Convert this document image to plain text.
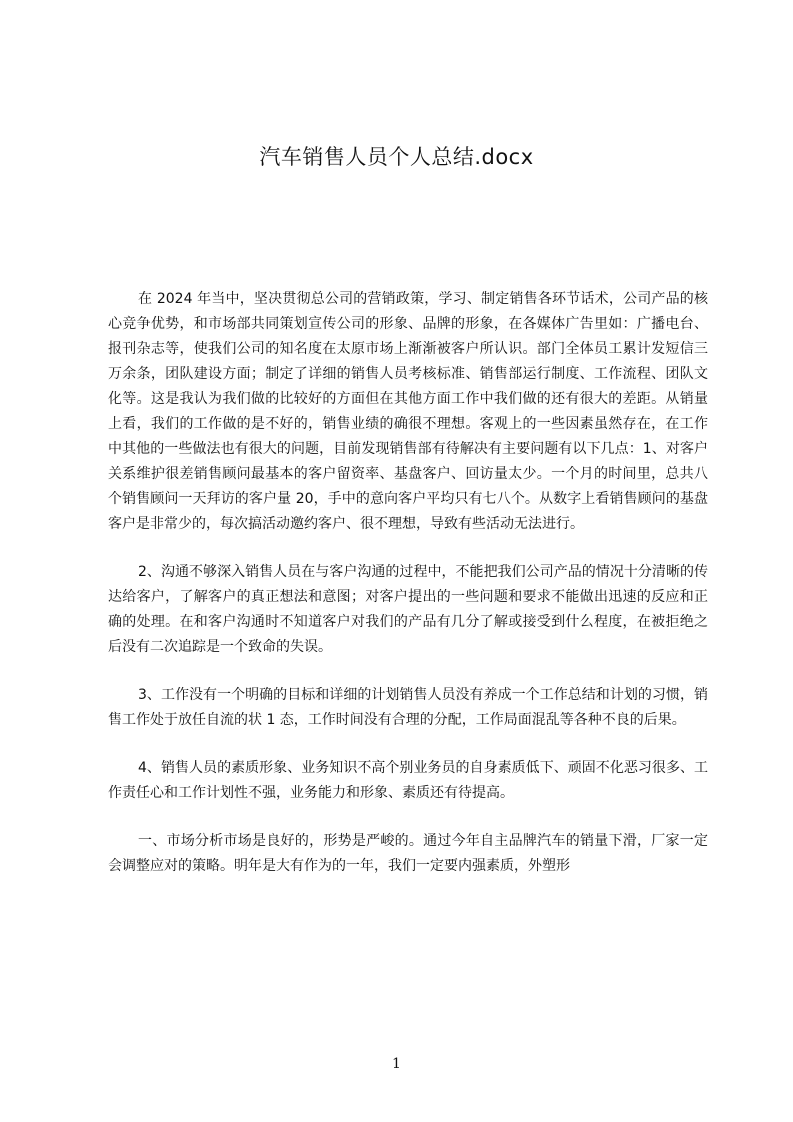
汽车销售人员个人总结.docx

在 2024 年当中，坚决贯彻总公司的营销政策，学习、制定销售各环节话术，公司产品的核心竞争优势，和市场部共同策划宣传公司的形象、品牌的形象，在各媒体广告里如：广播电台、报刊杂志等，使我们公司的知名度在太原市场上渐渐被客户所认识。部门全体员工累计发短信三万余条，团队建设方面；制定了详细的销售人员考核标准、销售部运行制度、工作流程、团队文化等。这是我认为我们做的比较好的方面但在其他方面工作中我们做的还有很大的差距。从销量上看，我们的工作做的是不好的，销售业绩的确很不理想。客观上的一些因素虽然存在，在工作中其他的一些做法也有很大的问题，目前发现销售部有待解决有主要问题有以下几点：1、对客户关系维护很差销售顾问最基本的客户留资率、基盘客户、回访量太少。一个月的时间里，总共八个销售顾问一天拜访的客户量 20，手中的意向客户平均只有七八个。从数字上看销售顾问的基盘客户是非常少的，每次搞活动邀约客户、很不理想，导致有些活动无法进行。

2、沟通不够深入销售人员在与客户沟通的过程中，不能把我们公司产品的情况十分清晰的传达给客户，了解客户的真正想法和意图；对客户提出的一些问题和要求不能做出迅速的反应和正确的处理。在和客户沟通时不知道客户对我们的产品有几分了解或接受到什么程度，在被拒绝之后没有二次追踪是一个致命的失误。

3、工作没有一个明确的目标和详细的计划销售人员没有养成一个工作总结和计划的习惯，销售工作处于放任自流的状 1 态，工作时间没有合理的分配，工作局面混乱等各种不良的后果。

4、销售人员的素质形象、业务知识不高个别业务员的自身素质低下、顽固不化恶习很多、工作责任心和工作计划性不强，业务能力和形象、素质还有待提高。

一、市场分析市场是良好的，形势是严峻的。通过今年自主品牌汽车的销量下滑，厂家一定会调整应对的策略。明年是大有作为的一年，我们一定要内强素质，外塑形

1
